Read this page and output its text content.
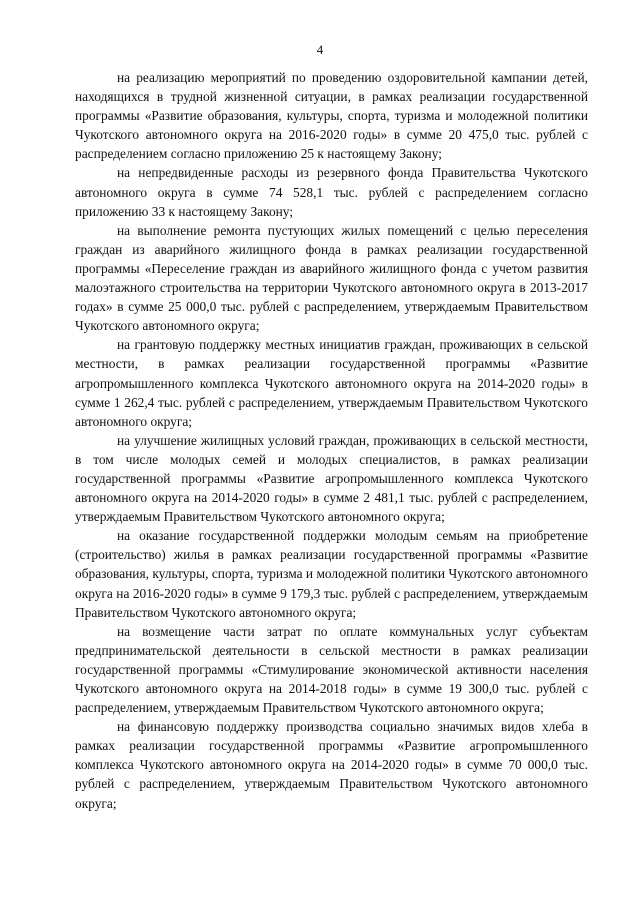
4

на реализацию мероприятий по проведению оздоровительной кампании детей, находящихся в трудной жизненной ситуации, в рамках реализации государственной программы «Развитие образования, культуры, спорта, туризма и молодежной политики Чукотского автономного округа на 2016-2020 годы» в сумме 20 475,0 тыс. рублей с распределением согласно приложению 25 к настоящему Закону;

на непредвиденные расходы из резервного фонда Правительства Чукотского автономного округа в сумме 74 528,1 тыс. рублей с распределением согласно приложению 33 к настоящему Закону;

на выполнение ремонта пустующих жилых помещений с целью переселения граждан из аварийного жилищного фонда в рамках реализации государственной программы «Переселение граждан из аварийного жилищного фонда с учетом развития малоэтажного строительства на территории Чукотского автономного округа в 2013-2017 годах» в сумме 25 000,0 тыс. рублей с распределением, утверждаемым Правительством Чукотского автономного округа;

на грантовую поддержку местных инициатив граждан, проживающих в сельской местности, в рамках реализации государственной программы «Развитие агропромышленного комплекса Чукотского автономного округа на 2014-2020 годы» в сумме 1 262,4 тыс. рублей с распределением, утверждаемым Правительством Чукотского автономного округа;

на улучшение жилищных условий граждан, проживающих в сельской местности, в том числе молодых семей и молодых специалистов, в рамках реализации государственной программы «Развитие агропромышленного комплекса Чукотского автономного округа на 2014-2020 годы» в сумме 2 481,1 тыс. рублей с распределением, утверждаемым Правительством Чукотского автономного округа;

на оказание государственной поддержки молодым семьям на приобретение (строительство) жилья в рамках реализации государственной программы «Развитие образования, культуры, спорта, туризма и молодежной политики Чукотского автономного округа на 2016-2020 годы» в сумме 9 179,3 тыс. рублей с распределением, утверждаемым Правительством Чукотского автономного округа;

на возмещение части затрат по оплате коммунальных услуг субъектам предпринимательской деятельности в сельской местности в рамках реализации государственной программы «Стимулирование экономической активности населения Чукотского автономного округа на 2014-2018 годы» в сумме 19 300,0 тыс. рублей с распределением, утверждаемым Правительством Чукотского автономного округа;

на финансовую поддержку производства социально значимых видов хлеба в рамках реализации государственной программы «Развитие агропромышленного комплекса Чукотского автономного округа на 2014-2020 годы» в сумме 70 000,0 тыс. рублей с распределением, утверждаемым Правительством Чукотского автономного округа;
